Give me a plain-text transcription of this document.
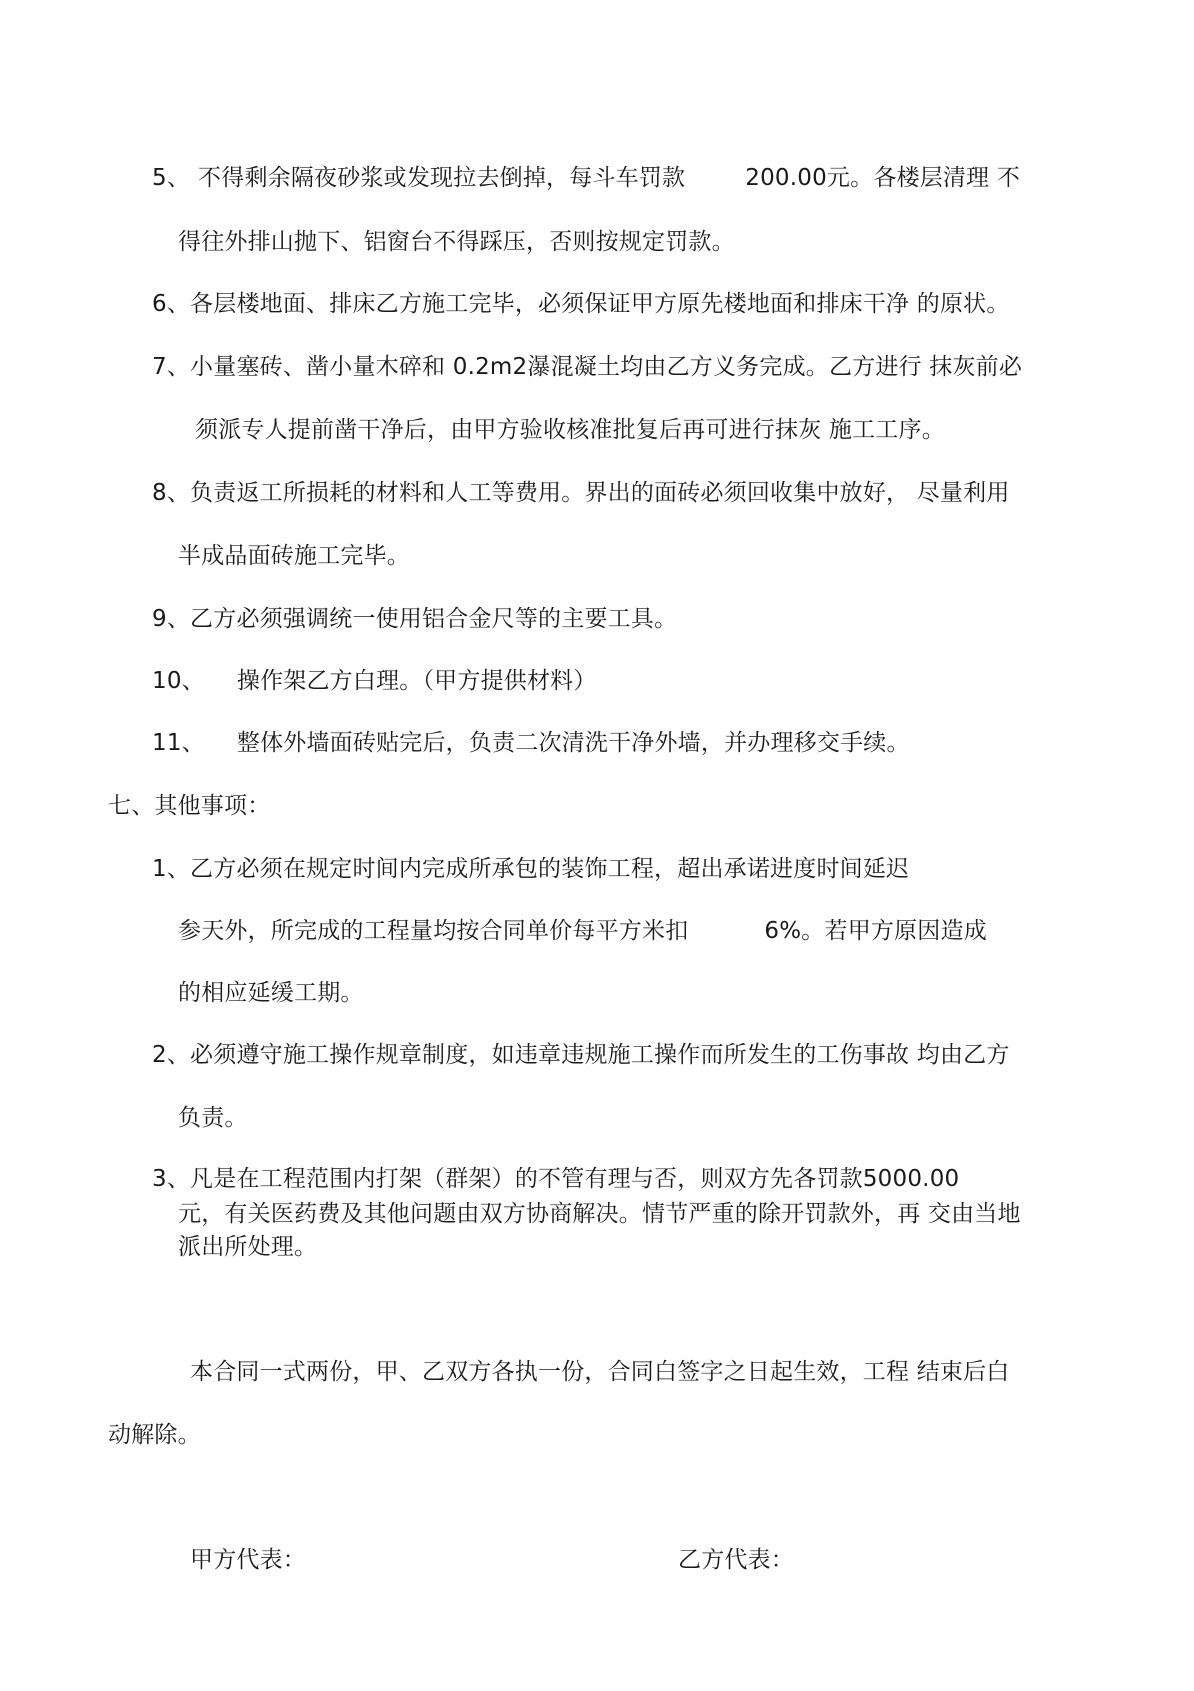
5、 不得剩余隔夜砂浆或发现拉去倒掉，每斗车罚款	200.00元。各楼层清理 不
得往外排山抛下、铝窗台不得踩压，否则按规定罚款。
6、各层楼地面、排床乙方施工完毕，必须保证甲方原先楼地面和排床干净 的原状。
7、小量塞砖、凿小量木碎和 0.2m2瀑混凝土均由乙方义务完成。乙方进行 抹灰前必
须派专人提前凿干净后，由甲方验收核准批复后再可进行抹灰 施工工序。
8、负责返工所损耗的材料和人工等费用。界出的面砖必须回收集中放好， 尽量利用
半成品面砖施工完毕。
9、乙方必须强调统一使用铝合金尺等的主要工具。
10、 操作架乙方白理。（甲方提供材料）
11、 整体外墙面砖贴完后，负责二次清洗干净外墙，并办理移交手续。
七、其他事项：
1、乙方必须在规定时间内完成所承包的装饰工程，超出承诺进度时间延迟
参天外，所完成的工程量均按合同单价每平方米扣	6%。若甲方原因造成
的相应延缓工期。
2、必须遵守施工操作规章制度，如违章违规施工操作而所发生的工伤事故 均由乙方
负责。
3、凡是在工程范围内打架（群架）的不管有理与否，则双方先各罚款5000.00
元，有关医药费及其他问题由双方协商解决。情节严重的除开罚款外，再 交由当地
派出所处理。
本合同一式两份，甲、乙双方各执一份，合同白签字之日起生效，工程 结束后白
动解除。
甲方代表：	乙方代表：
